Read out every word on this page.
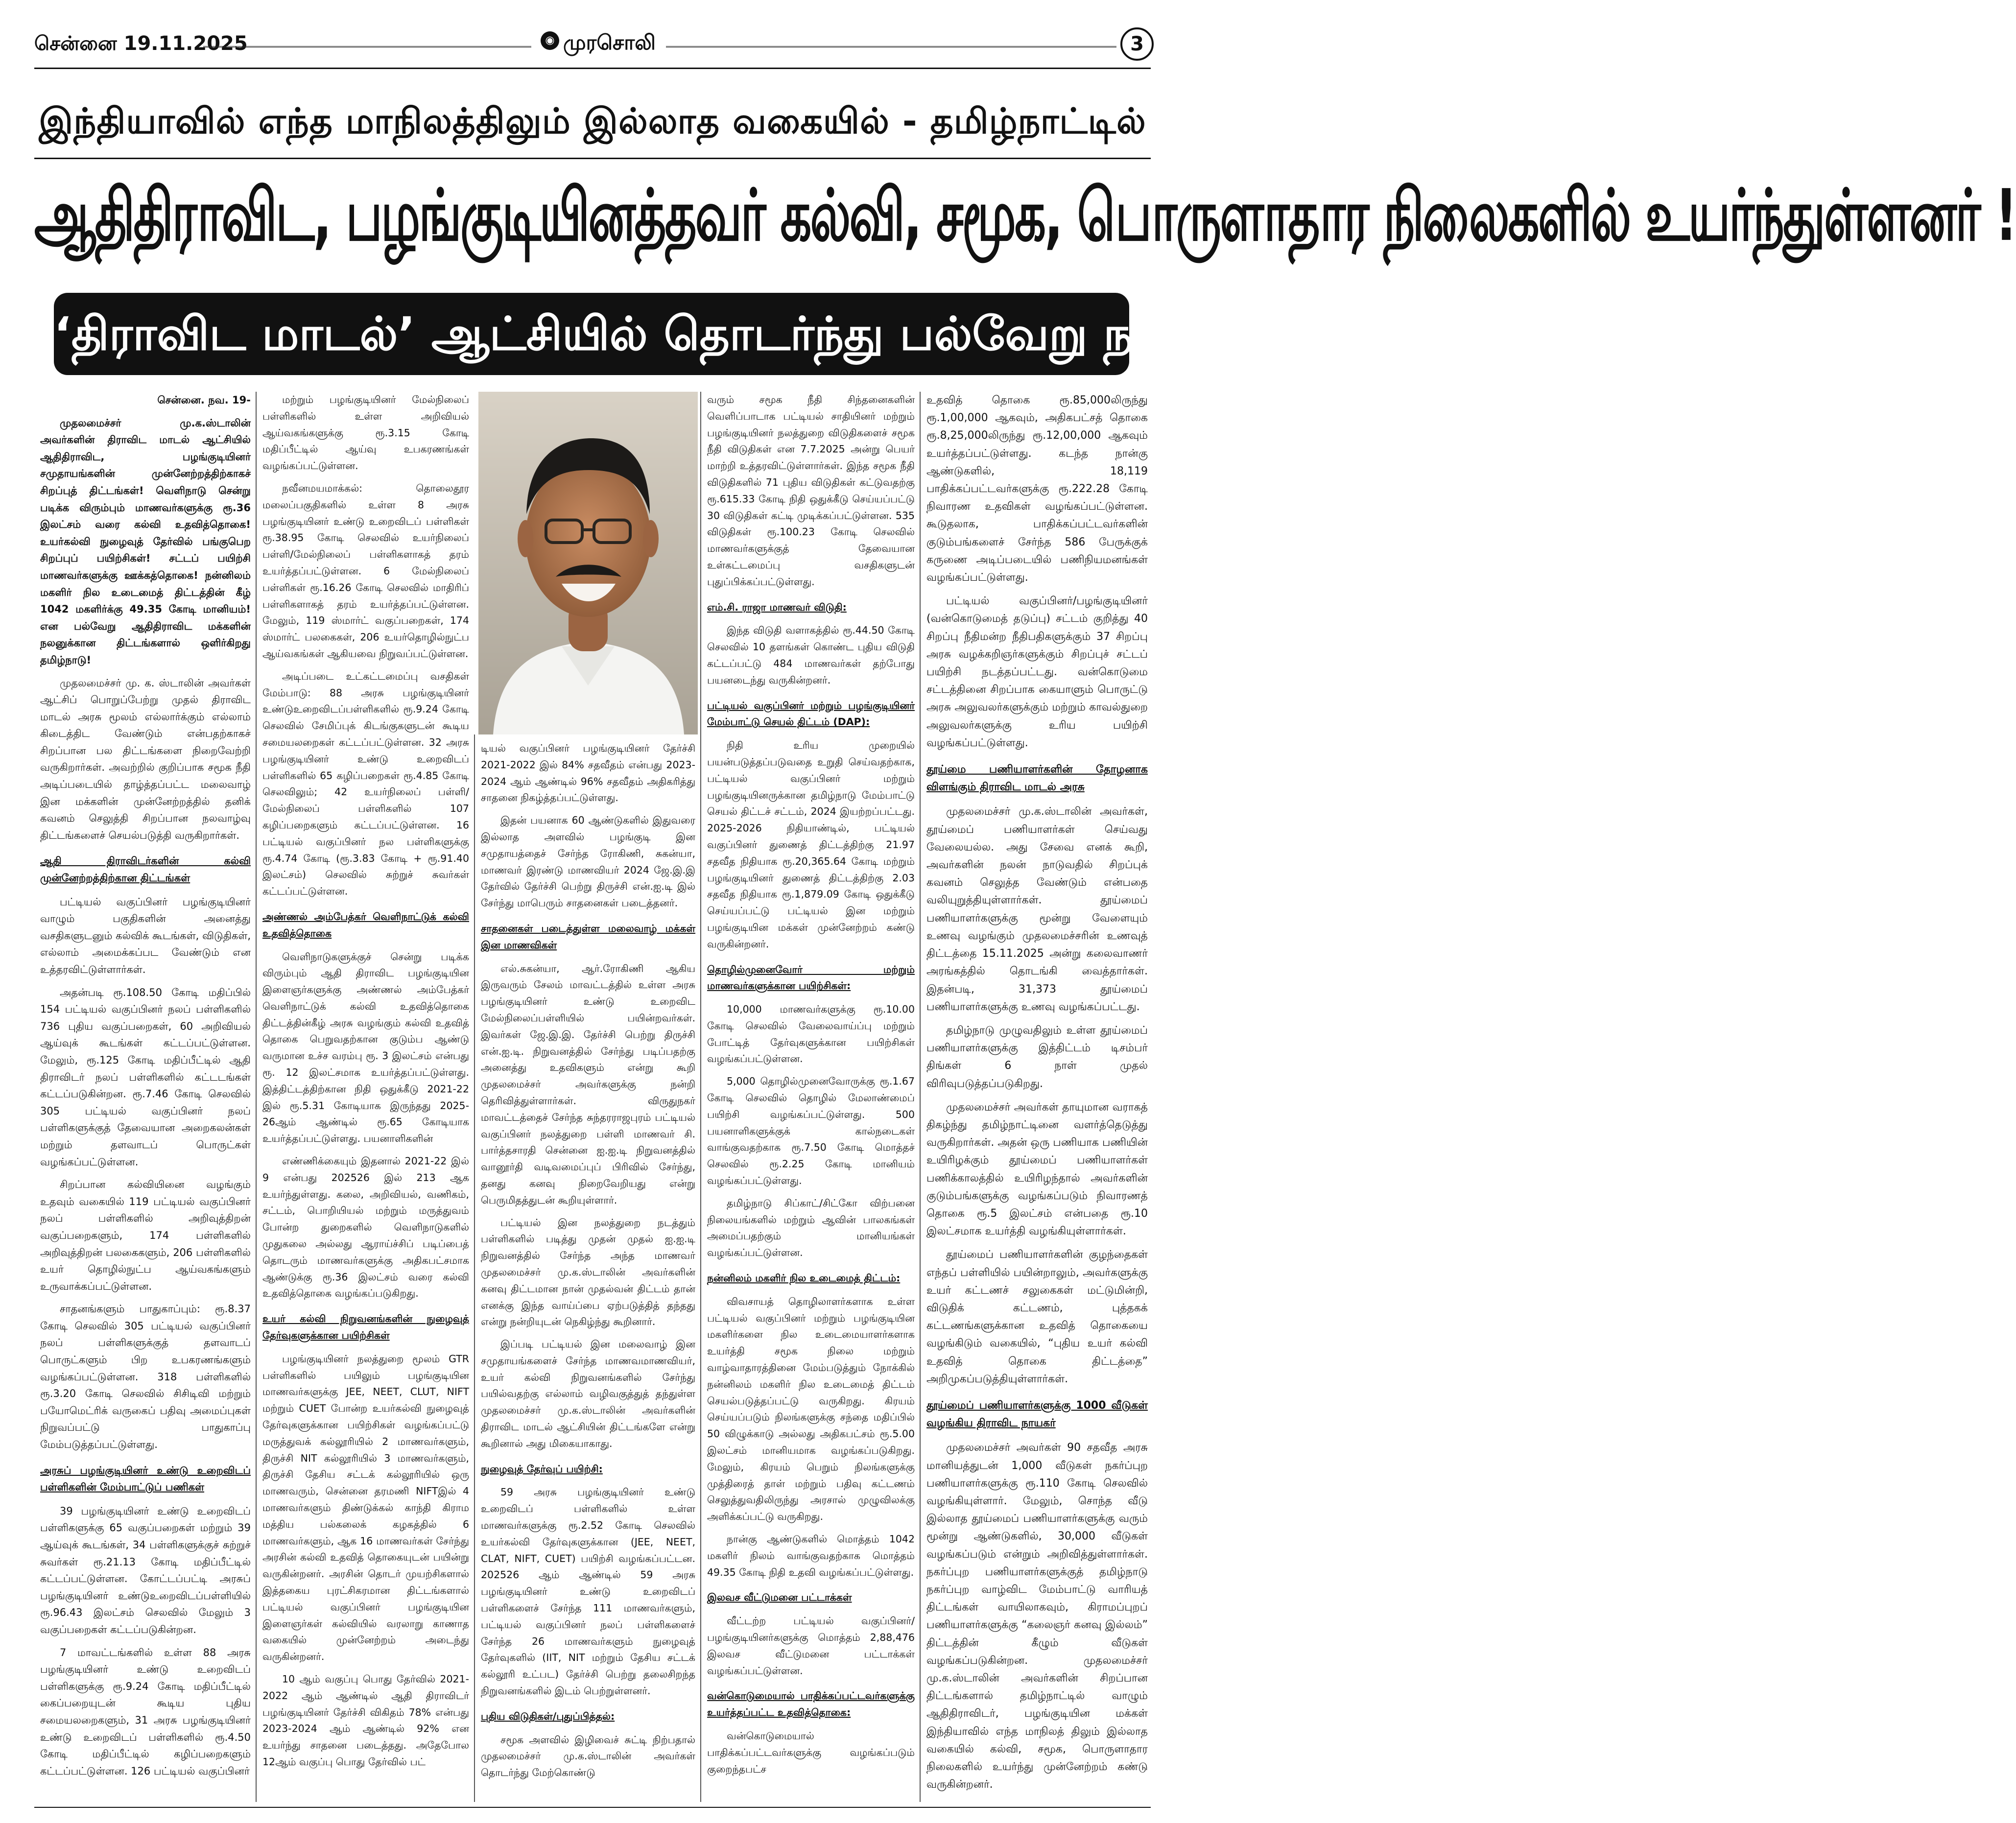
சென்னை 19.11.2025	◉ முரசொலி	3
இந்தியாவில் எந்த மாநிலத்திலும் இல்லாத வகையில் - தமிழ்நாட்டில்
ஆதிதிராவிட, பழங்குடியினத்தவர் கல்வி, சமூக, பொருளாதார நிலைகளில் உயர்ந்துள்ளனர் !
‘திராவிட மாடல்’ ஆட்சியில் தொடர்ந்து பல்வேறு நலத்திட்டங்கள்!

சென்னை. நவ. 19-

முதலமைச்சர் மு.க.ஸ்டாலின் அவர்களின் திராவிட மாடல் ஆட்சியில் ஆதிதிராவிட, பழங்குடியினர் சமுதாயங்களின் முன்னேற்றத்திற்காகச் சிறப்புத் திட்டங்கள்! வெளிநாடு சென்று படிக்க விரும்பும் மாணவர்களுக்கு ரூ.36 இலட்சம் வரை கல்வி உதவித்தொகை! உயர்கல்வி நுழைவுத் தேர்வில் பங்குபெற சிறப்புப் பயிற்சிகள்! சட்டப் பயிற்சி மாணவர்களுக்கு ஊக்கத்தொகை! நன்னிலம் மகளிர் நில உடைமைத் திட்டத்தின் கீழ் 1042 மகளிர்க்கு 49.35 கோடி மானியம்! என பல்வேறு ஆதிதிராவிட மக்களின் நலனுக்கான திட்டங்களால் ஒளிர்கிறது தமிழ்நாடு!

முதலமைச்சர் மு. க. ஸ்டாலின் அவர்கள் ஆட்சிப் பொறுப்பேற்று முதல் திராவிட மாடல் அரசு மூலம் எல்லார்க்கும் எல்லாம் கிடைத்திட வேண்டும் என்பதற்காகச் சிறப்பான பல திட்டங்களை நிறைவேற்றி வருகிறார்கள். அவற்றில் குறிப்பாக சமூக நீதி அடிப்படையில் தாழ்த்தப்பட்ட மலைவாழ் இன மக்களின் முன்னேற்றத்தில் தனிக் கவனம் செலுத்தி சிறப்பான நலவாழ்வு திட்டங்களைச் செயல்படுத்தி வருகிறார்கள்.

ஆதி திராவிடர்களின் கல்வி முன்னேற்றத்திற்கான திட்டங்கள்

பட்டியல் வகுப்பினர் பழங்குடியினர் வாழும் பகுதிகளின் அனைத்து வசதிகளுடனும் கல்விக் கூடங்கள், விடுதிகள், எல்லாம் அமைக்கப்பட வேண்டும் என உத்தரவிட்டுள்ளார்கள்.

அதன்படி ரூ.108.50 கோடி மதிப்பில் 154 பட்டியல் வகுப்பினர் நலப் பள்ளிகளில் 736 புதிய வகுப்பறைகள், 60 அறிவியல் ஆய்வுக் கூடங்கள் கட்டப்பட்டுள்ளன. மேலும், ரூ.125 கோடி மதிப்பீட்டில் ஆதி திராவிடர் நலப் பள்ளிகளில் கட்டடங்கள் கட்டப்படுகின்றன. ரூ.7.46 கோடி செலவில் 305 பட்டியல் வகுப்பினர் நலப் பள்ளிகளுக்குத் தேவையான அறைகலன்கள் மற்றும் தளவாடப் பொருட்கள் வழங்கப்பட்டுள்ளன.

சிறப்பான கல்வியினை வழங்கும் உதவும் வகையில் 119 பட்டியல் வகுப்பினர் நலப் பள்ளிகளில் அறிவுத்திறன் வகுப்பறைகளும், 174 பள்ளிகளில் அறிவுத்திறன் பலகைகளும், 206 பள்ளிகளில் உயர் தொழில்நுட்ப ஆய்வகங்களும் உருவாக்கப்பட்டுள்ளன.

சாதனங்களும் பாதுகாப்பும்: ரூ.8.37 கோடி செலவில் 305 பட்டியல் வகுப்பினர் நலப் பள்ளிகளுக்குத் தளவாடப் பொருட்களும் பிற உபகரணங்களும் வழங்கப்பட்டுள்ளன. 318 பள்ளிகளில் ரூ.3.20 கோடி செலவில் சிசிடிவி மற்றும் பயோமெட்ரிக் வருகைப் பதிவு அமைப்புகள் நிறுவப்பட்டு பாதுகாப்பு மேம்படுத்தப்பட்டுள்ளது.

அரசுப் பழங்குடியினர் உண்டு உறைவிடப் பள்ளிகளின் மேம்பாட்டுப் பணிகள்

39 பழங்குடியினர் உண்டு உறைவிடப் பள்ளிகளுக்கு 65 வகுப்பறைகள் மற்றும் 39 ஆய்வுக் கூடங்கள், 34 பள்ளிகளுக்குச் சுற்றுச் சுவர்கள் ரூ.21.13 கோடி மதிப்பீட்டில் கட்டப்பட்டுள்ளன. கோட்டப்பட்டி அரசுப் பழங்குடியினர் உண்டுஉறைவிடப்பள்ளியில் ரூ.96.43 இலட்சம் செலவில் மேலும் 3 வகுப்பறைகள் கட்டப்படுகின்றன.

7 மாவட்டங்களில் உள்ள 88 அரசு பழங்குடியினர் உண்டு உறைவிடப் பள்ளிகளுக்கு ரூ.9.24 கோடி மதிப்பீட்டில் கைப்பறையுடன் கூடிய புதிய சமையலறைகளும், 31 அரசு பழங்குடியினர் உண்டு உறைவிடப் பள்ளிகளில் ரூ.4.50 கோடி மதிப்பீட்டில் கழிப்பறைகளும் கட்டப்பட்டுள்ளன. 126 பட்டியல் வகுப்பினர்

மற்றும் பழங்குடியினர் மேல்நிலைப் பள்ளிகளில் உள்ள அறிவியல் ஆய்வகங்களுக்கு ரூ.3.15 கோடி மதிப்பீட்டில் ஆய்வு உபகரணங்கள் வழங்கப்பட்டுள்ளன.

நவீனமயமாக்கல்: தொலைதூர மலைப்பகுதிகளில் உள்ள 8 அரசு பழங்குடியினர் உண்டு உறைவிடப் பள்ளிகள் ரூ.38.95 கோடி செலவில் உயர்நிலைப் பள்ளி/மேல்நிலைப் பள்ளிகளாகத் தரம் உயர்த்தப்பட்டுள்ளன. 6 மேல்நிலைப் பள்ளிகள் ரூ.16.26 கோடி செலவில் மாதிரிப் பள்ளிகளாகத் தரம் உயர்த்தப்பட்டுள்ளன. மேலும், 119 ஸ்மார்ட் வகுப்பறைகள், 174 ஸ்மார்ட் பலகைகள், 206 உயர்தொழில்நுட்ப ஆய்வகங்கள் ஆகியவை நிறுவப்பட்டுள்ளன.

அடிப்படை உட்கட்டமைப்பு வசதிகள் மேம்பாடு: 88 அரசு பழங்குடியினர் உண்டுஉறைவிடப்பள்ளிகளில் ரூ.9.24 கோடி செலவில் சேமிப்புக் கிடங்குகளுடன் கூடிய சமையலறைகள் கட்டப்பட்டுள்ளன. 32 அரசு பழங்குடியினர் உண்டு உறைவிடப் பள்ளிகளில் 65 கழிப்பறைகள் ரூ.4.85 கோடி செலவிலும்; 42 உயர்நிலைப் பள்ளி/மேல்நிலைப் பள்ளிகளில் 107 கழிப்பறைகளும் கட்டப்பட்டுள்ளன. 16 பட்டியல் வகுப்பினர் நல பள்ளிகளுக்கு ரூ.4.74 கோடி (ரூ.3.83 கோடி + ரூ.91.40 இலட்சம்) செலவில் சுற்றுச் சுவர்கள் கட்டப்பட்டுள்ளன.

அண்ணல் அம்பேத்கர் வெளிநாட்டுக் கல்வி உதவித்தொகை

வெளிநாடுகளுக்குச் சென்று படிக்க விரும்பும் ஆதி திராவிட பழங்குடியின இளைஞர்களுக்கு அண்ணல் அம்பேத்கர் வெளிநாட்டுக் கல்வி உதவித்தொகை திட்டத்தின்கீழ் அரசு வழங்கும் கல்வி உதவித் தொகை பெறுவதற்கான குடும்ப ஆண்டு வருமான உச்ச வரம்பு ரூ. 3 இலட்சம் என்பது ரூ. 12 இலட்சமாக உயர்த்தப்பட்டுள்ளது. இத்திட்டத்திற்கான நிதி ஒதுக்கீடு 2021-22 இல் ரூ.5.31 கோடியாக இருந்தது 2025-26ஆம் ஆண்டில் ரூ.65 கோடியாக உயர்த்தப்பட்டுள்ளது. பயனாளிகளின்

எண்ணிக்கையும் இதனால் 2021-22 இல் 9 என்பது 202526 இல் 213 ஆக உயர்ந்துள்ளது. கலை, அறிவியல், வணிகம், சட்டம், பொறியியல் மற்றும் மருத்துவம் போன்ற துறைகளில் வெளிநாடுகளில் முதுகலை அல்லது ஆராய்ச்சிப் படிப்பைத் தொடரும் மாணவர்களுக்கு அதிகபட்சமாக ஆண்டுக்கு ரூ.36 இலட்சம் வரை கல்வி உதவித்தொகை வழங்கப்படுகிறது.

உயர் கல்வி நிறுவனங்களின் நுழைவுத் தேர்வுகளுக்கான பயிற்சிகள்

பழங்குடியினர் நலத்துறை மூலம் GTR பள்ளிகளில் பயிலும் பழங்குடியின மாணவர்களுக்கு JEE, NEET, CLUT, NIFT மற்றும் CUET போன்ற உயர்கல்வி நுழைவுத் தேர்வுகளுக்கான பயிற்சிகள் வழங்கப்பட்டு மருத்துவக் கல்லூரியில் 2 மாணவர்களும், திருச்சி NIT கல்லூரியில் 3 மாணவர்களும், திருச்சி தேசிய சட்டக் கல்லூரியில் ஒரு மாணவரும், சென்னை தரமணி NIFTஇல் 4 மாணவர்களும் திண்டுக்கல் காந்தி கிராம மத்திய பல்கலைக் கழகத்தில் 6 மாணவர்களும், ஆக 16 மாணவர்கள் சேர்ந்து அரசின் கல்வி உதவித் தொகையுடன் பயின்று வருகின்றனர். அரசின் தொடர் முயற்சிகளால் இத்தகைய புரட்சிகரமான திட்டங்களால் பட்டியல் வகுப்பினர் பழங்குடியின இளைஞர்கள் கல்வியில் வரலாறு காணாத வகையில் முன்னேற்றம் அடைந்து வருகின்றனர்.

10 ஆம் வகுப்பு பொது தேர்வில் 2021-2022 ஆம் ஆண்டில் ஆதி திராவிடர் பழங்குடியினர் தேர்ச்சி விகிதம் 78% என்பது 2023-2024 ஆம் ஆண்டில் 92% என உயர்ந்து சாதனை படைத்தது. அதேபோல 12ஆம் வகுப்பு பொது தேர்வில் பட்

டியல் வகுப்பினர் பழங்குடியினர் தேர்ச்சி 2021-2022 இல் 84% சதவீதம் என்பது 2023-2024 ஆம் ஆண்டில் 96% சதவீதம் அதிகரித்து சாதனை நிகழ்த்தப்பட்டுள்ளது.

இதன் பயனாக 60 ஆண்டுகளில் இதுவரை இல்லாத அளவில் பழங்குடி இன சமுதாயத்தைச் சேர்ந்த ரோகிணி, சுகன்யா, மாணவர் இரண்டு மாணவியர் 2024 ஜே.இ.இ தேர்வில் தேர்ச்சி பெற்று திருச்சி என்.ஐ.டி இல் சேர்ந்து மாபெரும் சாதனைகள் படைத்தனர்.

சாதனைகள் படைத்துள்ள மலைவாழ் மக்கள் இன மாணவிகள்

எல்.சுகன்யா, ஆர்.ரோகிணி ஆகிய இருவரும் சேலம் மாவட்டத்தில் உள்ள அரசு பழங்குடியினர் உண்டு உறைவிட மேல்நிலைப்பள்ளியில் பயின்றவர்கள். இவர்கள் ஜே.இ.இ. தேர்ச்சி பெற்று திருச்சி என்.ஐ.டி. நிறுவனத்தில் சேர்ந்து படிப்பதற்கு அனைத்து உதவிகளும் என்று கூறி முதலமைச்சர் அவர்களுக்கு நன்றி தெரிவித்துள்ளார்கள். விருதுநகர் மாவட்டத்தைச் சேர்ந்த சுந்தரராஜபுரம் பட்டியல் வகுப்பினர் நலத்துறை பள்ளி மாணவர் சி. பார்த்தசாரதி சென்னை ஐ.ஐ.டி நிறுவனத்தில் வானூர்தி வடிவமைப்புப் பிரிவில் சேர்ந்து, தனது கனவு நிறைவேறியது என்று பெருமிதத்துடன் கூறியுள்ளார்.

பட்டியல் இன நலத்துறை நடத்தும் பள்ளிகளில் படித்து முதன் முதல் ஐ.ஐ.டி நிறுவனத்தில் சேர்ந்த அந்த மாணவர் முதலமைச்சர் மு.க.ஸ்டாலின் அவர்களின் கனவு திட்டமான நான் முதல்வன் திட்டம் தான் எனக்கு இந்த வாய்ப்பை ஏற்படுத்தித் தந்தது என்று நன்றியுடன் நெகிழ்ந்து கூறினார்.

இப்படி பட்டியல் இன மலைவாழ் இன சமுதாயங்களைச் சேர்ந்த மாணவமாணவியர், உயர் கல்வி நிறுவனங்களில் சேர்ந்து பயில்வதற்கு எல்லாம் வழிவகுத்துத் தந்துள்ள முதலமைச்சர் மு.க.ஸ்டாலின் அவர்களின் திராவிட மாடல் ஆட்சியின் திட்டங்களே என்று கூறினால் அது மிகையாகாது.

நுழைவுத் தேர்வுப் பயிற்சி:

59 அரசு பழங்குடியினர் உண்டு உறைவிடப் பள்ளிகளில் உள்ள மாணவர்களுக்கு ரூ.2.52 கோடி செலவில் உயர்கல்வி தேர்வுகளுக்கான (JEE, NEET, CLAT, NIFT, CUET) பயிற்சி வழங்கப்பட்டன. 202526 ஆம் ஆண்டில் 59 அரசு பழங்குடியினர் உண்டு உறைவிடப் பள்ளிகளைச் சேர்ந்த 111 மாணவர்களும், பட்டியல் வகுப்பினர் நலப் பள்ளிகளைச் சேர்ந்த 26 மாணவர்களும் நுழைவுத் தேர்வுகளில் (IIT, NIT மற்றும் தேசிய சட்டக் கல்லூரி உட்பட) தேர்ச்சி பெற்று தலைசிறந்த நிறுவனங்களில் இடம் பெற்றுள்ளனர்.

புதிய விடுதிகள்/புதுப்பித்தல்:

சமூக அளவில் இழிவைச் சுட்டி நிற்பதால் முதலமைச்சர் மு.க.ஸ்டாலின் அவர்கள் தொடர்ந்து மேற்கொண்டு

வரும் சமூக நீதி சிந்தனைகளின் வெளிப்பாடாக பட்டியல் சாதியினர் மற்றும் பழங்குடியினர் நலத்துறை விடுதிகளைச் சமூக நீதி விடுதிகள் என 7.7.2025 அன்று பெயர் மாற்றி உத்தரவிட்டுள்ளார்கள். இந்த சமூக நீதி விடுதிகளில் 71 புதிய விடுதிகள் கட்டுவதற்கு ரூ.615.33 கோடி நிதி ஒதுக்கீடு செய்யப்பட்டு 30 விடுதிகள் கட்டி முடிக்கப்பட்டுள்ளன. 535 விடுதிகள் ரூ.100.23 கோடி செலவில் மாணவர்களுக்குத் தேவையான உள்கட்டமைப்பு வசதிகளுடன் புதுப்பிக்கப்பட்டுள்ளது.

எம்.சி. ராஜா மாணவர் விடுதி:

இந்த விடுதி வளாகத்தில் ரூ.44.50 கோடி செலவில் 10 தளங்கள் கொண்ட புதிய விடுதி கட்டப்பட்டு 484 மாணவர்கள் தற்போது பயனடைந்து வருகின்றனர்.

பட்டியல் வகுப்பினர் மற்றும் பழங்குடியினர் மேம்பாட்டு செயல் திட்டம் (DAP):

நிதி உரிய முறையில் பயன்படுத்தப்படுவதை உறுதி செய்வதற்காக, பட்டியல் வகுப்பினர் மற்றும் பழங்குடியினருக்கான தமிழ்நாடு மேம்பாட்டு செயல் திட்டச் சட்டம், 2024 இயற்றப்பட்டது. 2025-2026 நிதியாண்டில், பட்டியல் வகுப்பினர் துணைத் திட்டத்திற்கு 21.97 சதவீத நிதியாக ரூ.20,365.64 கோடி மற்றும் பழங்குடியினர் துணைத் திட்டத்திற்கு 2.03 சதவீத நிதியாக ரூ.1,879.09 கோடி ஒதுக்கீடு செய்யப்பட்டு பட்டியல் இன மற்றும் பழங்குடியின மக்கள் முன்னேற்றம் கண்டு வருகின்றனர்.

தொழில்முனைவோர் மற்றும் மாணவர்களுக்கான பயிற்சிகள்:

10,000 மாணவர்களுக்கு ரூ.10.00 கோடி செலவில் வேலைவாய்ப்பு மற்றும் போட்டித் தேர்வுகளுக்கான பயிற்சிகள் வழங்கப்பட்டுள்ளன.

5,000 தொழில்முனைவோருக்கு ரூ.1.67 கோடி செலவில் தொழில் மேலாண்மைப் பயிற்சி வழங்கப்பட்டுள்ளது. 500 பயனாளிகளுக்குக் கால்நடைகள் வாங்குவதற்காக ரூ.7.50 கோடி மொத்தச் செலவில் ரூ.2.25 கோடி மானியம் வழங்கப்பட்டுள்ளது.

தமிழ்நாடு சிப்காட்/சிட்கோ விற்பனை நிலையங்களில் மற்றும் ஆவின் பாலகங்கள் அமைப்பதற்கும் மானியங்கள் வழங்கப்பட்டுள்ளன.

நன்னிலம் மகளிர் நில உடைமைத் திட்டம்:

விவசாயத் தொழிலாளர்களாக உள்ள பட்டியல் வகுப்பினர் மற்றும் பழங்குடியின மகளிர்களை நில உடைமையாளர்களாக உயர்த்தி சமூக நிலை மற்றும் வாழ்வாதாரத்தினை மேம்படுத்தும் நோக்கில் நன்னிலம் மகளிர் நில உடைமைத் திட்டம் செயல்படுத்தப்பட்டு வருகிறது. கிரயம் செய்யப்படும் நிலங்களுக்கு சந்தை மதிப்பில் 50 விழுக்காடு அல்லது அதிகபட்சம் ரூ.5.00 இலட்சம் மானியமாக வழங்கப்படுகிறது. மேலும், கிரயம் பெறும் நிலங்களுக்கு முத்திரைத் தாள் மற்றும் பதிவு கட்டணம் செலுத்துவதிலிருந்து அரசால் முழுவிலக்கு அளிக்கப்பட்டு வருகிறது.

நான்கு ஆண்டுகளில் மொத்தம் 1042 மகளிர் நிலம் வாங்குவதற்காக மொத்தம் 49.35 கோடி நிதி உதவி வழங்கப்பட்டுள்ளது.

இலவச வீட்டுமனை பட்டாக்கள்

வீட்டற்ற பட்டியல் வகுப்பினர்/பழங்குடியினர்களுக்கு மொத்தம் 2,88,476 இலவச வீட்டுமனை பட்டாக்கள் வழங்கப்பட்டுள்ளன.

வன்கொடுமையால் பாதிக்கப்பட்டவர்களுக்கு உயர்த்தப்பட்ட உதவித்தொகை:

வன்கொடுமையால் பாதிக்கப்பட்டவர்களுக்கு வழங்கப்படும் குறைந்தபட்ச

உதவித் தொகை ரூ.85,000லிருந்து ரூ.1,00,000 ஆகவும், அதிகபட்சத் தொகை ரூ.8,25,000லிருந்து ரூ.12,00,000 ஆகவும் உயர்த்தப்பட்டுள்ளது. கடந்த நான்கு ஆண்டுகளில், 18,119 பாதிக்கப்பட்டவர்களுக்கு ரூ.222.28 கோடி நிவாரண உதவிகள் வழங்கப்பட்டுள்ளன. கூடுதலாக, பாதிக்கப்பட்டவர்களின் குடும்பங்களைச் சேர்ந்த 586 பேருக்குக் கருணை அடிப்படையில் பணிநியமனங்கள் வழங்கப்பட்டுள்ளது.

பட்டியல் வகுப்பினர்/பழங்குடியினர் (வன்கொடுமைத் தடுப்பு) சட்டம் குறித்து 40 சிறப்பு நீதிமன்ற நீதிபதிகளுக்கும் 37 சிறப்பு அரசு வழக்கறிஞர்களுக்கும் சிறப்புச் சட்டப் பயிற்சி நடத்தப்பட்டது. வன்கொடுமை சட்டத்தினை சிறப்பாக கையாளும் பொருட்டு அரசு அலுவலர்களுக்கும் மற்றும் காவல்துறை அலுவலர்களுக்கு உரிய பயிற்சி வழங்கப்பட்டுள்ளது.

தூய்மை பணியாளர்களின் தோழனாக விளங்கும் திராவிட மாடல் அரசு

முதலமைச்சர் மு.க.ஸ்டாலின் அவர்கள், தூய்மைப் பணியாளர்கள் செய்வது வேலையல்ல. அது சேவை எனக் கூறி, அவர்களின் நலன் நாடுவதில் சிறப்புக் கவனம் செலுத்த வேண்டும் என்பதை வலியுறுத்தியுள்ளார்கள். தூய்மைப் பணியாளர்களுக்கு மூன்று வேளையும் உணவு வழங்கும் முதலமைச்சரின் உணவுத் திட்டத்தை 15.11.2025 அன்று கலைவாணர் அரங்கத்தில் தொடங்கி வைத்தார்கள். இதன்படி, 31,373 தூய்மைப் பணியாளர்களுக்கு உணவு வழங்கப்பட்டது.

தமிழ்நாடு முழுவதிலும் உள்ள தூய்மைப் பணியாளர்களுக்கு இத்திட்டம் டிசம்பர் திங்கள் 6 நாள் முதல் விரிவுபடுத்தப்படுகிறது.

முதலமைச்சர் அவர்கள் தாயுமான வராகத் திகழ்ந்து தமிழ்நாட்டினை வளர்த்தெடுத்து வருகிறார்கள். அதன் ஒரு பணியாக பணியின் உயிரிழக்கும் தூய்மைப் பணியாளர்கள் பணிக்காலத்தில் உயிரிழந்தால் அவர்களின் குடும்பங்களுக்கு வழங்கப்படும் நிவாரணத் தொகை ரூ.5 இலட்சம் என்பதை ரூ.10 இலட்சமாக உயர்த்தி வழங்கியுள்ளார்கள்.

தூய்மைப் பணியாளர்களின் குழந்தைகள் எந்தப் பள்ளியில் பயின்றாலும், அவர்களுக்கு உயர் கட்டணச் சலுகைகள் மட்டுமின்றி, விடுதிக் கட்டணம், புத்தகக் கட்டணங்களுக்கான உதவித் தொகையை வழங்கிடும் வகையில், “புதிய உயர் கல்வி உதவித் தொகை திட்டத்தை” அறிமுகப்படுத்தியுள்ளார்கள்.

தூய்மைப் பணியாளர்களுக்கு 1000 வீடுகள் வழங்கிய திராவிட நாயகர்

முதலமைச்சர் அவர்கள் 90 சதவீத அரசு மானியத்துடன் 1,000 வீடுகள் நகர்ப்புற பணியாளர்களுக்கு ரூ.110 கோடி செலவில் வழங்கியுள்ளார். மேலும், சொந்த வீடு இல்லாத தூய்மைப் பணியாளர்களுக்கு வரும் மூன்று ஆண்டுகளில், 30,000 வீடுகள் வழங்கப்படும் என்றும் அறிவித்துள்ளார்கள். நகர்ப்புற பணியாளர்களுக்குத் தமிழ்நாடு நகர்ப்புற வாழ்விட மேம்பாட்டு வாரியத் திட்டங்கள் வாயிலாகவும், கிராமப்புறப் பணியாளர்களுக்கு “கலைஞர் கனவு இல்லம்” திட்டத்தின் கீழும் வீடுகள் வழங்கப்படுகின்றன. முதலமைச்சர் மு.க.ஸ்டாலின் அவர்களின் சிறப்பான திட்டங்களால் தமிழ்நாட்டில் வாழும் ஆதிதிராவிடர், பழங்குடியின மக்கள் இந்தியாவில் எந்த மாநிலத் திலும் இல்லாத வகையில் கல்வி, சமூக, பொருளாதார நிலைகளில் உயர்ந்து முன்னேற்றம் கண்டு வருகின்றனர்.
